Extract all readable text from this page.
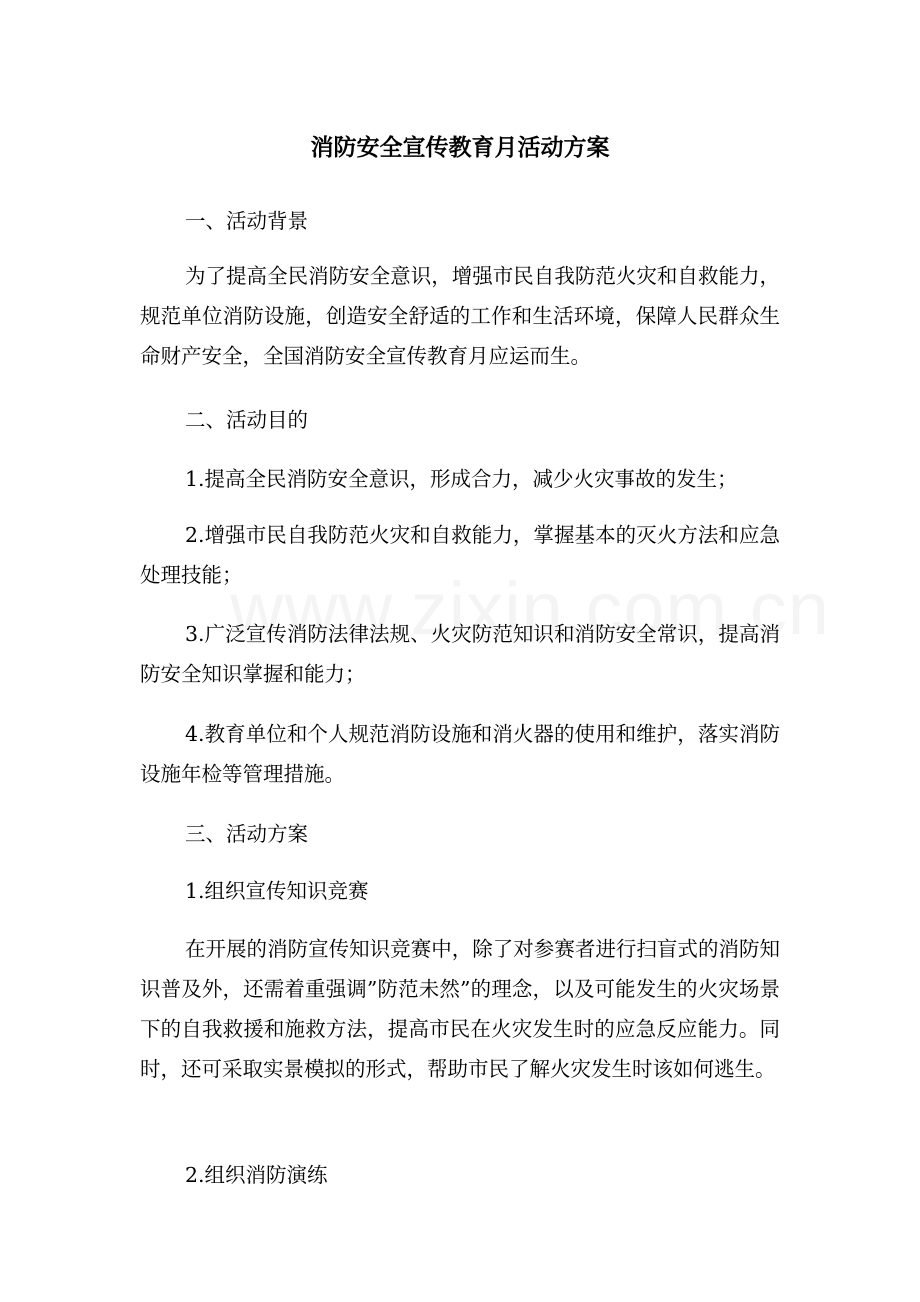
消防安全宣传教育月活动方案
一、活动背景
为了提高全民消防安全意识，增强市民自我防范火灾和自救能力，规范单位消防设施，创造安全舒适的工作和生活环境，保障人民群众生命财产安全，全国消防安全宣传教育月应运而生。
二、活动目的
1.提高全民消防安全意识，形成合力，减少火灾事故的发生；
2.增强市民自我防范火灾和自救能力，掌握基本的灭火方法和应急处理技能；
3.广泛宣传消防法律法规、火灾防范知识和消防安全常识，提高消防安全知识掌握和能力；
4.教育单位和个人规范消防设施和消火器的使用和维护，落实消防设施年检等管理措施。
三、活动方案
1.组织宣传知识竞赛
在开展的消防宣传知识竞赛中，除了对参赛者进行扫盲式的消防知识普及外，还需着重强调”防范未然”的理念，以及可能发生的火灾场景下的自我救援和施救方法，提高市民在火灾发生时的应急反应能力。同时，还可采取实景模拟的形式，帮助市民了解火灾发生时该如何逃生。
2.组织消防演练
